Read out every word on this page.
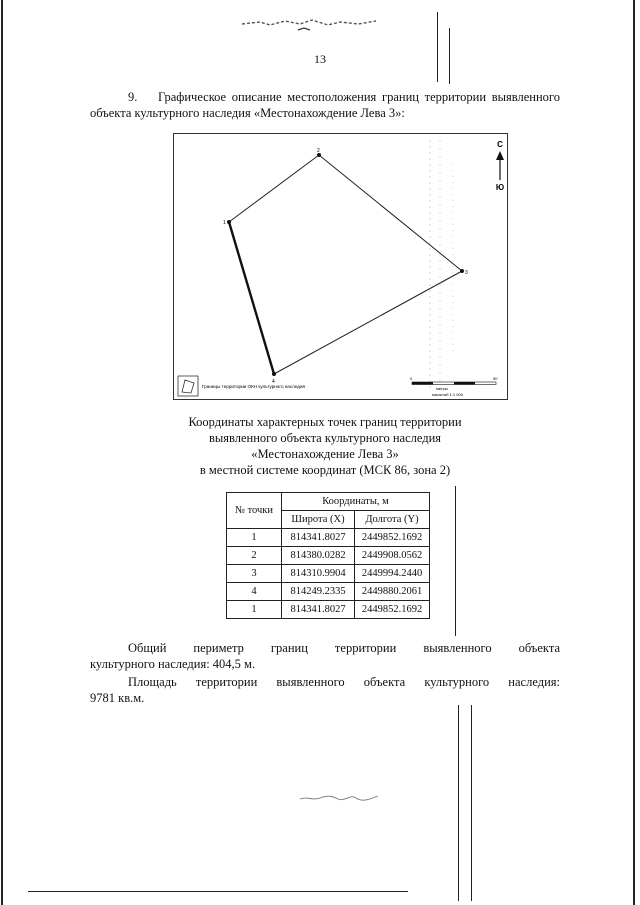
13
9. Графическое описание местоположения границ территории выявленного объекта культурного наследия «Местонахождение Лева 3»:
1
2
3
4
С
Ю
Границы территории ОКН культурного наследия
0	50
метры
масштаб 1:1 000
Координаты характерных точек границ территории
выявленного объекта культурного наследия
«Местонахождение Лева 3»
в местной системе координат (МСК 86, зона 2)
№ точки	Координаты, м	
	Широта (X)	Долгота (Y)
1	814341.8027	2449852.1692
2	814380.0282	2449908.0562
3	814310.9904	2449994.2440
4	814249.2335	2449880.2061
1	814341.8027	2449852.1692
Общий периметр границ территории выявленного объекта
культурного наследия: 404,5 м.
Площадь территории выявленного объекта культурного наследия:
9781 кв.м.
